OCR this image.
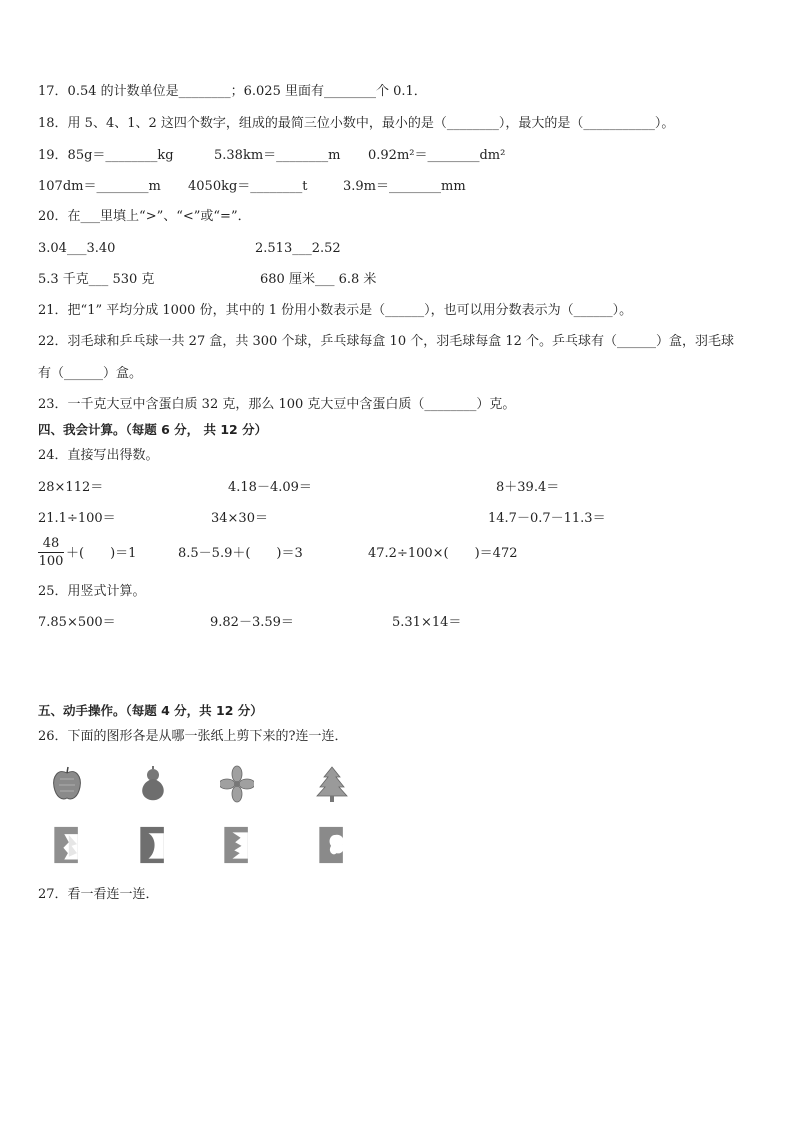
17．0.54 的计数单位是________；6.025 里面有________个 0.1．
18．用 5、4、1、2 这四个数字，组成的最简三位小数中，最小的是（________），最大的是（___________）。
19．85g＝________kg	5.38km＝________m 0.92m²＝________dm²
107dm＝________m 4050kg＝________t	3.9m＝________mm
20．在___里填上“>”、“<”或“=”．
3.04___3.40	2.513___2.52
5.3 千克___ 530 克	680 厘米___ 6.8 米
21．把“1” 平均分成 1000 份，其中的 1 份用小数表示是（______），也可以用分数表示为（______）。
22．羽毛球和乒乓球一共 27 盒，共 300 个球，乒乓球每盒 10 个，羽毛球每盒 12 个。乒乓球有（______）盒，羽毛球
有（______）盒。
23．一千克大豆中含蛋白质 32 克，那么 100 克大豆中含蛋白质（________）克。
四、我会计算。（每题 6 分， 共 12 分）
24．直接写出得数。
28×112＝	4.18－4.09＝	8＋39.4＝
21.1÷100＝	34×30＝	14.7－0.7－11.3＝
48
100
＋(　　)＝1	8.5－5.9＋(　　)＝3	47.2÷100×(　　)＝472
25．用竖式计算。
7.85×500＝	9.82－3.59＝	5.31×14＝
五、动手操作。（每题 4 分，共 12 分）
26．下面的图形各是从哪一张纸上剪下来的?连一连．
27．看一看连一连．
